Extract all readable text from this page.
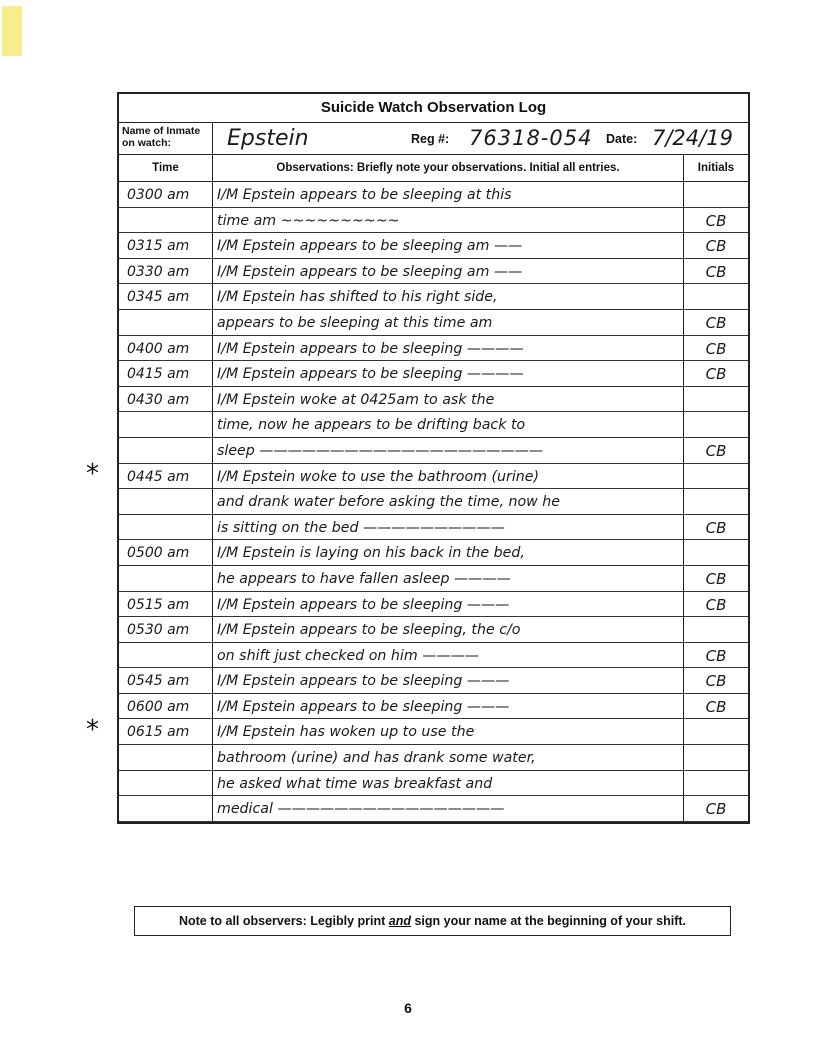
Suicide Watch Observation Log
Name of Inmate
on watch:	Epstein	Reg #: 76318-054 Date: 7/24/19
Time	Observations: Briefly note your observations. Initial all entries.	Initials
0300 am	I/M Epstein appears to be sleeping at this
time am ~~~~~~~~~~	CB
0315 am	I/M Epstein appears to be sleeping am ——	CB
0330 am	I/M Epstein appears to be sleeping am ——	CB
0345 am	I/M Epstein has shifted to his right side,
appears to be sleeping at this time am	CB
0400 am	I/M Epstein appears to be sleeping ————	CB
0415 am	I/M Epstein appears to be sleeping ————	CB
0430 am	I/M Epstein woke at 0425am to ask the
time, now he appears to be drifting back to
sleep ————————————————————	CB
0445 am	I/M Epstein woke to use the bathroom (urine)
and drank water before asking the time, now he
is sitting on the bed ——————————	CB
0500 am	I/M Epstein is laying on his back in the bed,
he appears to have fallen asleep ————	CB
0515 am	I/M Epstein appears to be sleeping ———	CB
0530 am	I/M Epstein appears to be sleeping, the c/o
on shift just checked on him ————	CB
0545 am	I/M Epstein appears to be sleeping ———	CB
0600 am	I/M Epstein appears to be sleeping ———	CB
0615 am	I/M Epstein has woken up to use the
bathroom (urine) and has drank some water,
he asked what time was breakfast and
medical ————————————————	CB
*
*
Note to all observers: Legibly print and sign your name at the beginning of your shift.
6
